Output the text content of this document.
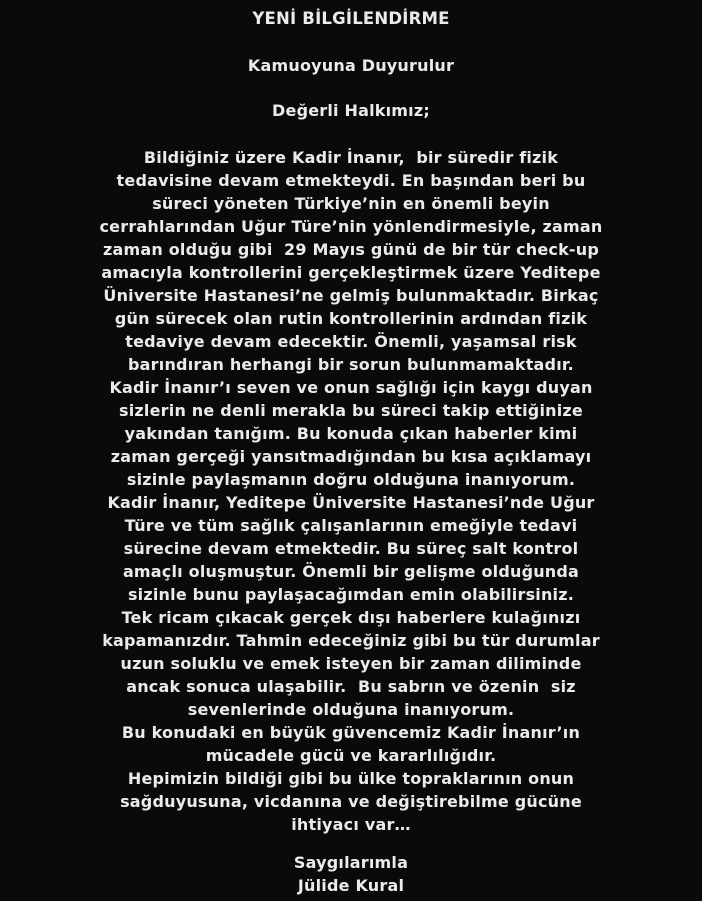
YENİ BİLGİLENDİRME
Kamuoyuna Duyurulur
Değerli Halkımız;
Bildiğiniz üzere Kadir İnanır,  bir süredir fizik
tedavisine devam etmekteydi. En başından beri bu
süreci yöneten Türkiye’nin en önemli beyin
cerrahlarından Uğur Türe’nin yönlendirmesiyle, zaman
zaman olduğu gibi  29 Mayıs günü de bir tür check-up
amacıyla kontrollerini gerçekleştirmek üzere Yeditepe
Üniversite Hastanesi’ne gelmiş bulunmaktadır. Birkaç
gün sürecek olan rutin kontrollerinin ardından fizik
tedaviye devam edecektir. Önemli, yaşamsal risk
barındıran herhangi bir sorun bulunmamaktadır.
Kadir İnanır’ı seven ve onun sağlığı için kaygı duyan
sizlerin ne denli merakla bu süreci takip ettiğinize
yakından tanığım. Bu konuda çıkan haberler kimi
zaman gerçeği yansıtmadığından bu kısa açıklamayı
sizinle paylaşmanın doğru olduğuna inanıyorum.
Kadir İnanır, Yeditepe Üniversite Hastanesi’nde Uğur
Türe ve tüm sağlık çalışanlarının emeğiyle tedavi
sürecine devam etmektedir. Bu süreç salt kontrol
amaçlı oluşmuştur. Önemli bir gelişme olduğunda
sizinle bunu paylaşacağımdan emin olabilirsiniz.
Tek ricam çıkacak gerçek dışı haberlere kulağınızı
kapamanızdır. Tahmin edeceğiniz gibi bu tür durumlar
uzun soluklu ve emek isteyen bir zaman diliminde
ancak sonuca ulaşabilir.  Bu sabrın ve özenin  siz
sevenlerinde olduğuna inanıyorum.
Bu konudaki en büyük güvencemiz Kadir İnanır’ın
mücadele gücü ve kararlılığıdır.
Hepimizin bildiği gibi bu ülke topraklarının onun
sağduyusuna, vicdanına ve değiştirebilme gücüne
ihtiyacı var…
Saygılarımla
Jülide Kural
